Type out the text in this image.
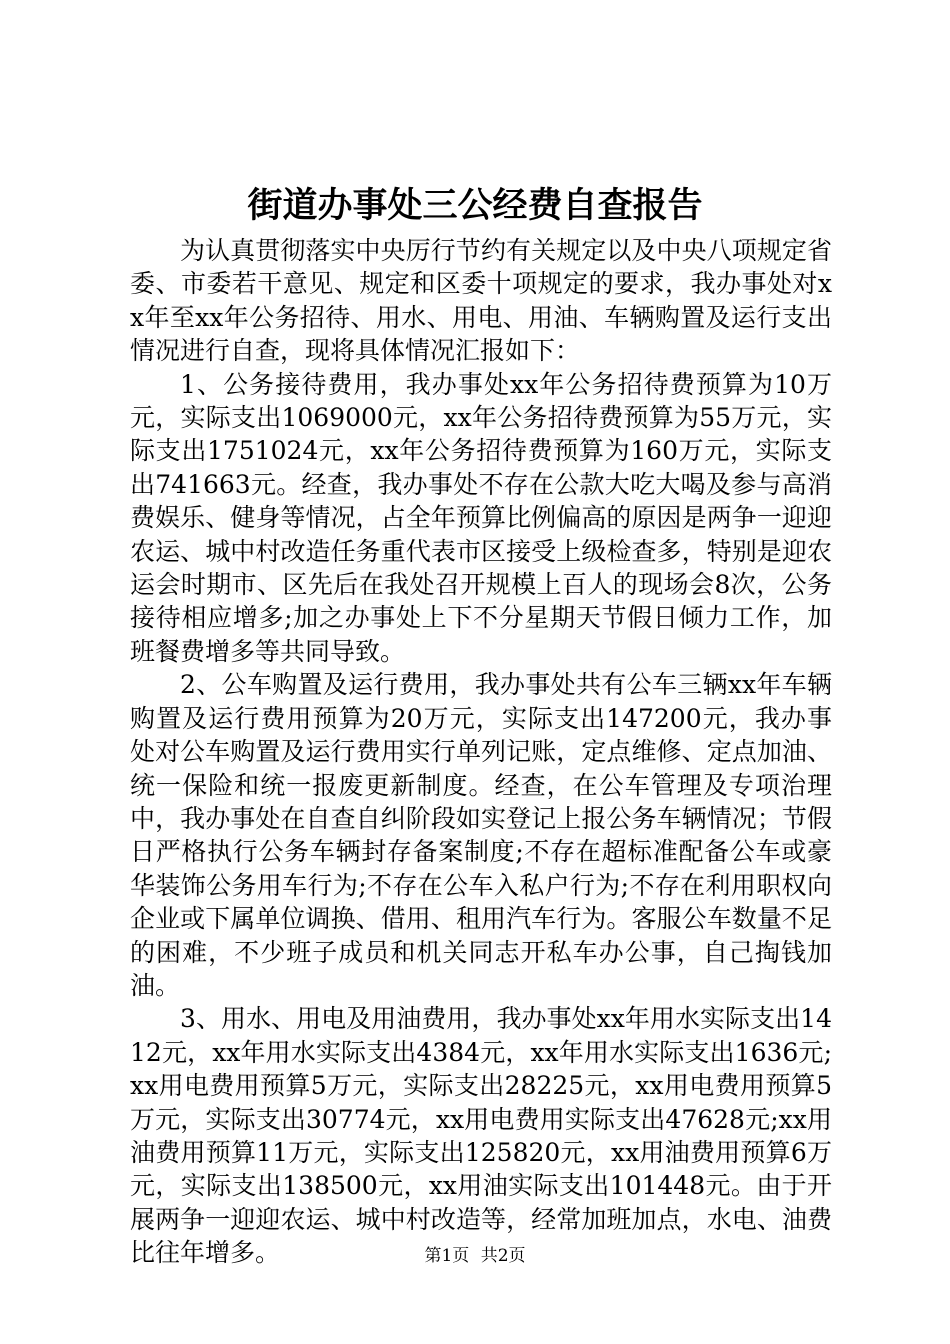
街道办事处三公经费自查报告

为认真贯彻落实中央厉行节约有关规定以及中央八项规定省委、市委若干意见、规定和区委十项规定的要求，我办事处对xx年至xx年公务招待、用水、用电、用油、车辆购置及运行支出情况进行自查，现将具体情况汇报如下：

1、公务接待费用，我办事处xx年公务招待费预算为10万元，实际支出1069000元，xx年公务招待费预算为55万元，实际支出1751024元，xx年公务招待费预算为160万元，实际支出741663元。经查，我办事处不存在公款大吃大喝及参与高消费娱乐、健身等情况，占全年预算比例偏高的原因是两争一迎迎农运、城中村改造任务重代表市区接受上级检查多，特别是迎农运会时期市、区先后在我处召开规模上百人的现场会8次，公务接待相应增多;加之办事处上下不分星期天节假日倾力工作，加班餐费增多等共同导致。

2、公车购置及运行费用，我办事处共有公车三辆xx年车辆购置及运行费用预算为20万元，实际支出147200元，我办事处对公车购置及运行费用实行单列记账，定点维修、定点加油、统一保险和统一报废更新制度。经查，在公车管理及专项治理中，我办事处在自查自纠阶段如实登记上报公务车辆情况；节假日严格执行公务车辆封存备案制度;不存在超标准配备公车或豪华装饰公务用车行为;不存在公车入私户行为;不存在利用职权向企业或下属单位调换、借用、租用汽车行为。客服公车数量不足的困难，不少班子成员和机关同志开私车办公事，自己掏钱加油。

3、用水、用电及用油费用，我办事处xx年用水实际支出1412元，xx年用水实际支出4384元，xx年用水实际支出1636元;xx用电费用预算5万元，实际支出28225元，xx用电费用预算5万元，实际支出30774元，xx用电费用实际支出47628元;xx用油费用预算11万元，实际支出125820元，xx用油费用预算6万元，实际支出138500元，xx用油实际支出101448元。由于开展两争一迎迎农运、城中村改造等，经常加班加点，水电、油费比往年增多。	第1页 共2页
